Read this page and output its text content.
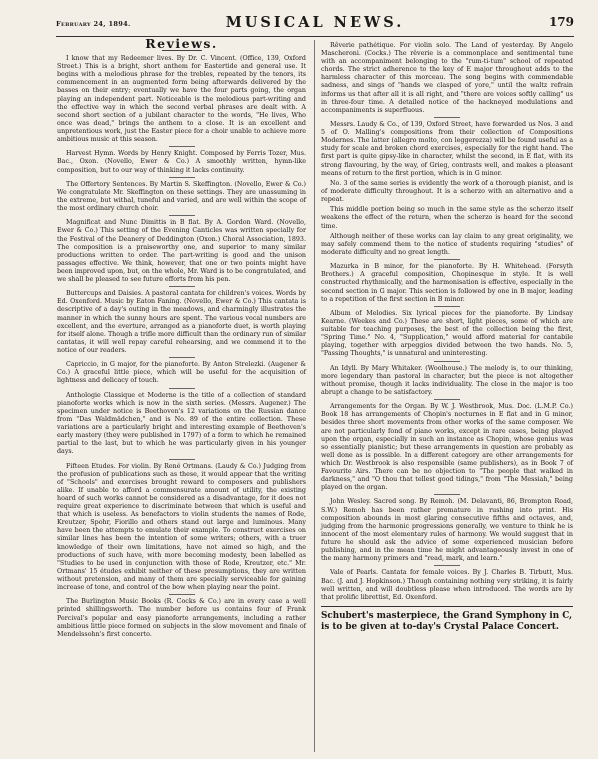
February 24, 1894.	MUSICAL NEWS.	179
Reviews.

I know that my Redeemer lives. By Dr. C. Vincent. (Office, 139, Oxford Street.) This is a bright, short anthem for Eastertide and general use. It begins with a melodious phrase for the trebles, repeated by the tenors, its commencement in an augmented form being afterwards delivered by the basses on their entry; eventually we have the four parts going, the organ playing an independent part. Noticeable is the melodious part-writing and the effective way in which the second verbal phrases are dealt with. A second short section of a jubilant character to the words, "He lives, Who once was dead," brings the anthem to a close. It is an excellent and unpretentious work, just the Easter piece for a choir unable to achieve more ambitious music at this season.

Harvest Hymn. Words by Henry Knight. Composed by Ferris Tozer, Mus. Bac., Oxon. (Novello, Ewer & Co.) A smoothly written, hymn-like composition, but to our way of thinking it lacks continuity.

The Offertory Sentences. By Martin S. Skeffington. (Novello, Ewer & Co.) We congratulate Mr. Skeffington on these settings. They are unassuming in the extreme, but withal, tuneful and varied, and are well within the scope of the most ordinary church choir.

Magnificat and Nunc Dimittis in B flat. By A. Gordon Ward. (Novello, Ewer & Co.) This setting of the Evening Canticles was written specially for the Festival of the Deanery of Deddington (Oxon.) Choral Association, 1893. The composition is a praiseworthy one, and superior to many similar productions written to order. The part-writing is good and the unison passages effective. We think, however, that one or two points might have been improved upon, but, on the whole, Mr. Ward is to be congratulated, and we shall be pleased to see future efforts from his pen.

Buttercups and Daisies. A pastoral cantata for children's voices. Words by Ed. Oxenford. Music by Eaton Faning. (Novello, Ewer & Co.) This cantata is descriptive of a day's outing in the meadows, and charmingly illustrates the manner in which the sunny hours are spent. The various vocal numbers are excellent, and the everture, arranged as a pianoforte duet, is worth playing for itself alone. Though a trifle more difficult than the ordinary run of similar cantatas, it will well repay careful rehearsing, and we commend it to the notice of our readers.

Capriccio, in G major, for the pianoforte. By Anton Strelezki. (Augener & Co.) A graceful little piece, which will be useful for the acquisition of lightness and delicacy of touch.

Anthologie Classique et Moderne is the title of a collection of standard pianoforte works which is now in the sixth series. (Messrs. Augener.) The specimen under notice is Beethoven's 12 variations on the Russian dance from "Das Waldmädchen," and is No. 89 of the entire collection. These variations are a particularly bright and interesting example of Beethoven's early mastery (they were published in 1797) of a form to which he remained partial to the last, but to which he was particularly given in his younger days.

Fifteen Etudes. For violin. By René Ortmans. (Laudy & Co.) Judging from the profusion of publications such as these, it would appear that the writing of "Schools" and exercises brought reward to composers and publishers alike. If unable to afford a commensurate amount of utility, the existing hoard of such works cannot be considered as a disadvantage, for it does not require great experience to discriminate between that which is useful and that which is useless. As benefactors to violin students the names of Rode, Kreutzer, Spohr, Fiorillo and others stand out large and luminous. Many have been the attempts to emulate their example. To construct exercises on similar lines has been the intention of some writers; others, with a truer knowledge of their own limitations, have not aimed so high, and the productions of such have, with more becoming modesty, been labelled as "Studies to be used in conjunction with those of Rode, Kreutzer, etc." Mr. Ortmans' 15 études exhibit neither of these presumptions, they are written without pretension, and many of them are specially serviceable for gaining increase of tone, and control of the bow when playing near the point.

The Burlington Music Books (R. Cocks & Co.) are in every case a well printed shillingsworth. The number before us contains four of Frank Percival's popular and easy pianoforte arrangements, including a rather ambitious little piece formed on subjects in the slow movement and finale of Mendelssohn's first concerto.

Rêverie pathétique. For violin solo. The Land of yesterday. By Angelo Mascheroni. (Cocks.) The rêverie is a commonplace and sentimental tune with an accompaniment belonging to the "rum-ti-tum" school of repeated chords. The strict adherence to the key of E major throughout adds to the harmless character of this morceau. The song begins with commendable sadness, and sings of "hands we clasped of yore," until the waltz refrain informs us that after all it is all right, and "there are voices softly calling" us in three-four time. A detailed notice of the hackneyed modulations and accompaniments is superfluous.

Messrs. Laudy & Co., of 139, Oxford Street, have forwarded us Nos. 3 and 5 of O. Malling's compositions from their collection of Compositions Modernes. The latter (allegro molto, con leggerezza) will be found useful as a study for scale and broken chord exercises, especially for the right hand. The first part is quite gipsy-like in character, whilst the second, in E flat, with its strong flavouring, by the way, of Grieg, contrasts well, and makes a pleasant means of return to the first portion, which is in G minor.

No. 3 of the same series is evidently the work of a thorough pianist, and is of moderate difficulty throughout. It is a scherzo with an alternativo and a repeat.

This middle portion being so much in the same style as the scherzo itself weakens the effect of the return, when the scherzo is heard for the second time.

Although neither of these works can lay claim to any great originality, we may safely commend them to the notice of students requiring "studies" of moderate difficulty and no great length.

Mazurka in B minor, for the pianoforte. By H. Whitehead. (Forsyth Brothers.) A graceful composition, Chopinesque in style. It is well constructed rhythmically, and the harmonisation is effective, especially in the second section in G major. This section is followed by one in B major, leading to a repetition of the first section in B minor.

Album of Melodies. Six lyrical pieces for the pianoforte. By Lindsay Kearne. (Weekes and Co.) These are short, light pieces, some of which are suitable for teaching purposes, the best of the collection being the first, "Spring Time." No. 4, "Supplication," would afford material for cantabile playing, together with arpeggios divided between the two hands. No. 5, "Passing Thoughts," is unnatural and uninteresting.

An Idyll. By Mary Whitaker. (Woolhouse.) The melody is, to our thinking, more legendary than pastoral in character, but the piece is not altogether without promise, though it lacks individuality. The close in the major is too abrupt a change to be satisfactory.

Arrangements for the Organ. By W. J. Westbrook, Mus. Doc. (L.M.P. Co.) Book 18 has arrangements of Chopin's nocturnes in E flat and in G minor, besides three short movements from other works of the same composer. We are not particularly fond of piano works, except in rare cases, being played upon the organ, especially in such an instance as Chopin, whose genius was so essentially pianistic; but these arrangements in question are probably as well done as is possible. In a different category are other arrangements for which Dr. Westbrook is also responsible (same publishers), as in Book 7 of Favourite Airs. There can be no objection to "The people that walked in darkness," and "O thou that tellest good tidings," from "The Messiah," being played on the organ.

John Wesley. Sacred song. By Remoh. (M. Delavanti, 86, Brompton Road, S.W.) Remoh has been rather premature in rushing into print. His composition abounds in most glaring consecutive fifths and octaves, and, judging from the harmonic progressions generally, we venture to think he is innocent of the most elementary rules of harmony. We would suggest that in future he should ask the advice of some experienced musician before publishing, and in the mean time he might advantageously invest in one of the many harmony primers and "read, mark, and learn."

Vale of Pearls. Cantata for female voices. By J. Charles B. Tirbutt, Mus. Bac. (J. and J. Hopkinson.) Though containing nothing very striking, it is fairly well written, and will doubtless please when introduced. The words are by that prolific librettist, Ed. Oxenford.

Schubert's masterpiece, the Grand Symphony in C, is to be given at to-day's Crystal Palace Concert.
